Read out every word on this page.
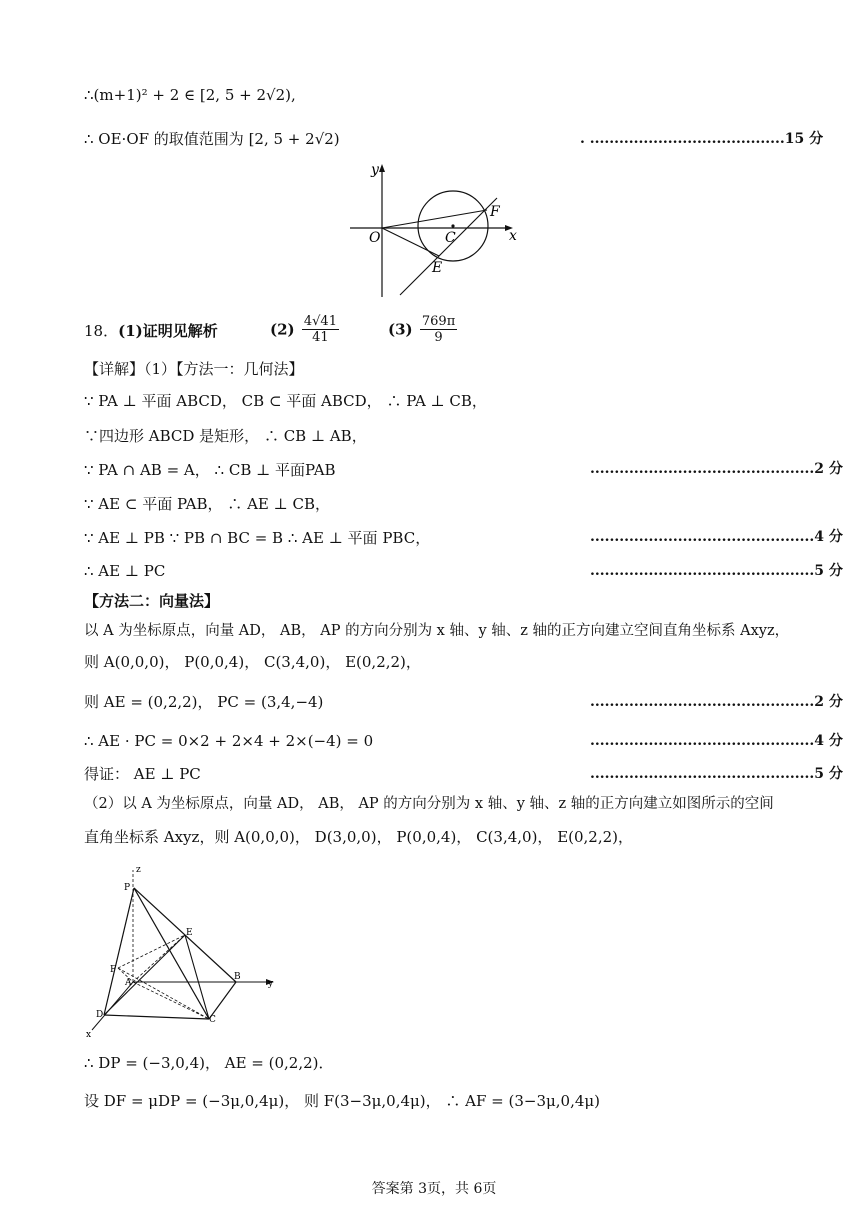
∴(m+1)² + 2 ∈ [2, 5 + 2√2),
∴ OE·OF 的取值范围为 [2, 5 + 2√2)	. ........................................15 分
y
x
O	C
F
E
18．(1)证明见解析	$(2) \frac{4√41}{41}$	$(3) \frac{769\pi}{9}$
【详解】（1）【方法一：几何法】
∵ PA ⊥ 平面 ABCD， CB ⊂ 平面 ABCD， ∴ PA ⊥ CB，
∵四边形 ABCD 是矩形， ∴ CB ⊥ AB，
∵ PA ∩ AB = A， ∴ CB ⊥ 平面PAB	..............................................2 分
∵ AE ⊂ 平面 PAB， ∴ AE ⊥ CB，
∵ AE ⊥ PB ∵ PB ∩ BC = B ∴ AE ⊥ 平面 PBC，	..............................................4 分
∴ AE ⊥ PC	..............................................5 分
【方法二：向量法】
以 A 为坐标原点，向量 AD， AB， AP 的方向分别为 x 轴、y 轴、z 轴的正方向建立空间直角坐标系 Axyz，
则 A(0,0,0)， P(0,0,4)， C(3,4,0)， E(0,2,2)，
则 AE = (0,2,2)， PC = (3,4,−4)	..............................................2 分
∴ AE · PC = 0×2 + 2×4 + 2×(−4) = 0	..............................................4 分
得证： AE ⊥ PC	..............................................5 分
（2）以 A 为坐标原点，向量 AD， AB， AP 的方向分别为 x 轴、y 轴、z 轴的正方向建立如图所示的空间
直角坐标系 Axyz，则 A(0,0,0)， D(3,0,0)， P(0,0,4)， C(3,4,0)， E(0,2,2)，
z
P
E
F
A
B
y
D	C
x
∴ DP = (−3,0,4)， AE = (0,2,2)．
设 DF = μDP = (−3μ,0,4μ)， 则 F(3−3μ,0,4μ)， ∴ AF = (3−3μ,0,4μ)
答案第 3页，共 6页
